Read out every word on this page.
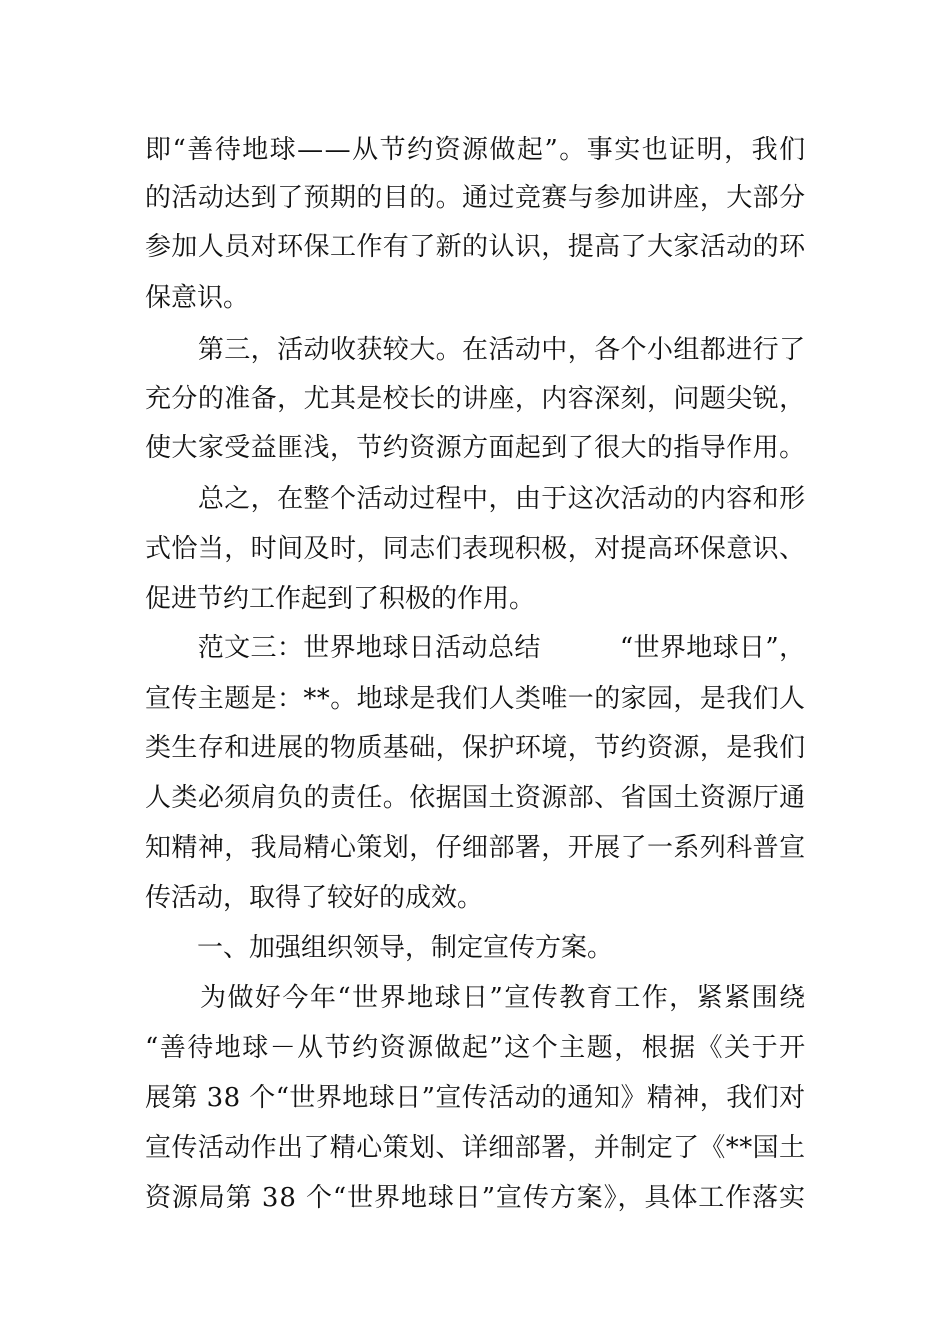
即“善待地球——从节约资源做起”。事实也证明，我们
的活动达到了预期的目的。通过竞赛与参加讲座，大部分
参加人员对环保工作有了新的认识，提高了大家活动的环
保意识。
　　第三，活动收获较大。在活动中，各个小组都进行了
充分的准备，尤其是校长的讲座，内容深刻，问题尖锐，
使大家受益匪浅，节约资源方面起到了很大的指导作用。
　　总之，在整个活动过程中，由于这次活动的内容和形
式恰当，时间及时，同志们表现积极，对提高环保意识、
促进节约工作起到了积极的作用。
　　范文三：世界地球日活动总结　　　“世界地球日”，
宣传主题是：**。地球是我们人类唯一的家园，是我们人
类生存和进展的物质基础，保护环境，节约资源，是我们
人类必须肩负的责任。依据国土资源部、省国土资源厅通
知精神，我局精心策划，仔细部署，开展了一系列科普宣
传活动，取得了较好的成效。
　　一、加强组织领导，制定宣传方案。
　　为做好今年“世界地球日”宣传教育工作，紧紧围绕
“善待地球－从节约资源做起”这个主题，根据《关于开
展第 38 个“世界地球日”宣传活动的通知》精神，我们对
宣传活动作出了精心策划、详细部署，并制定了《**国土
资源局第 38 个“世界地球日”宣传方案》，具体工作落实
